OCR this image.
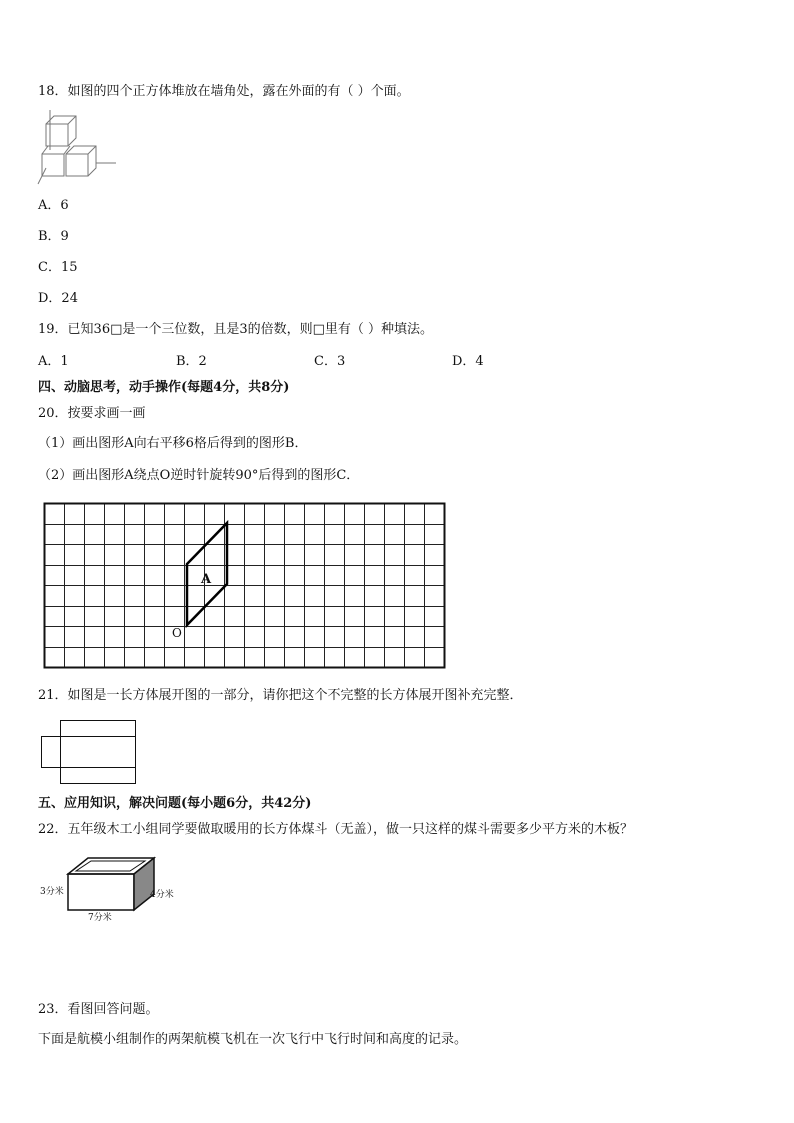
18．如图的四个正方体堆放在墙角处，露在外面的有（ ）个面。
A．6
B．9
C．15
D．24
19．已知36□是一个三位数，且是3的倍数，则□里有（ ）种填法。
A．1	B．2	C．3	D．4
四、动脑思考，动手操作(每题4分，共8分)
20．按要求画一画
（1）画出图形A向右平移6格后得到的图形B．
（2）画出图形A绕点O逆时针旋转90°后得到的图形C．
A
O
21．如图是一长方体展开图的一部分，请你把这个不完整的长方体展开图补充完整．
五、应用知识，解决问题(每小题6分，共42分)
22．五年级木工小组同学要做取暖用的长方体煤斗（无盖），做一只这样的煤斗需要多少平方米的木板？
3分米	4分米
7分米
23．看图回答问题。
下面是航模小组制作的两架航模飞机在一次飞行中飞行时间和高度的记录。
